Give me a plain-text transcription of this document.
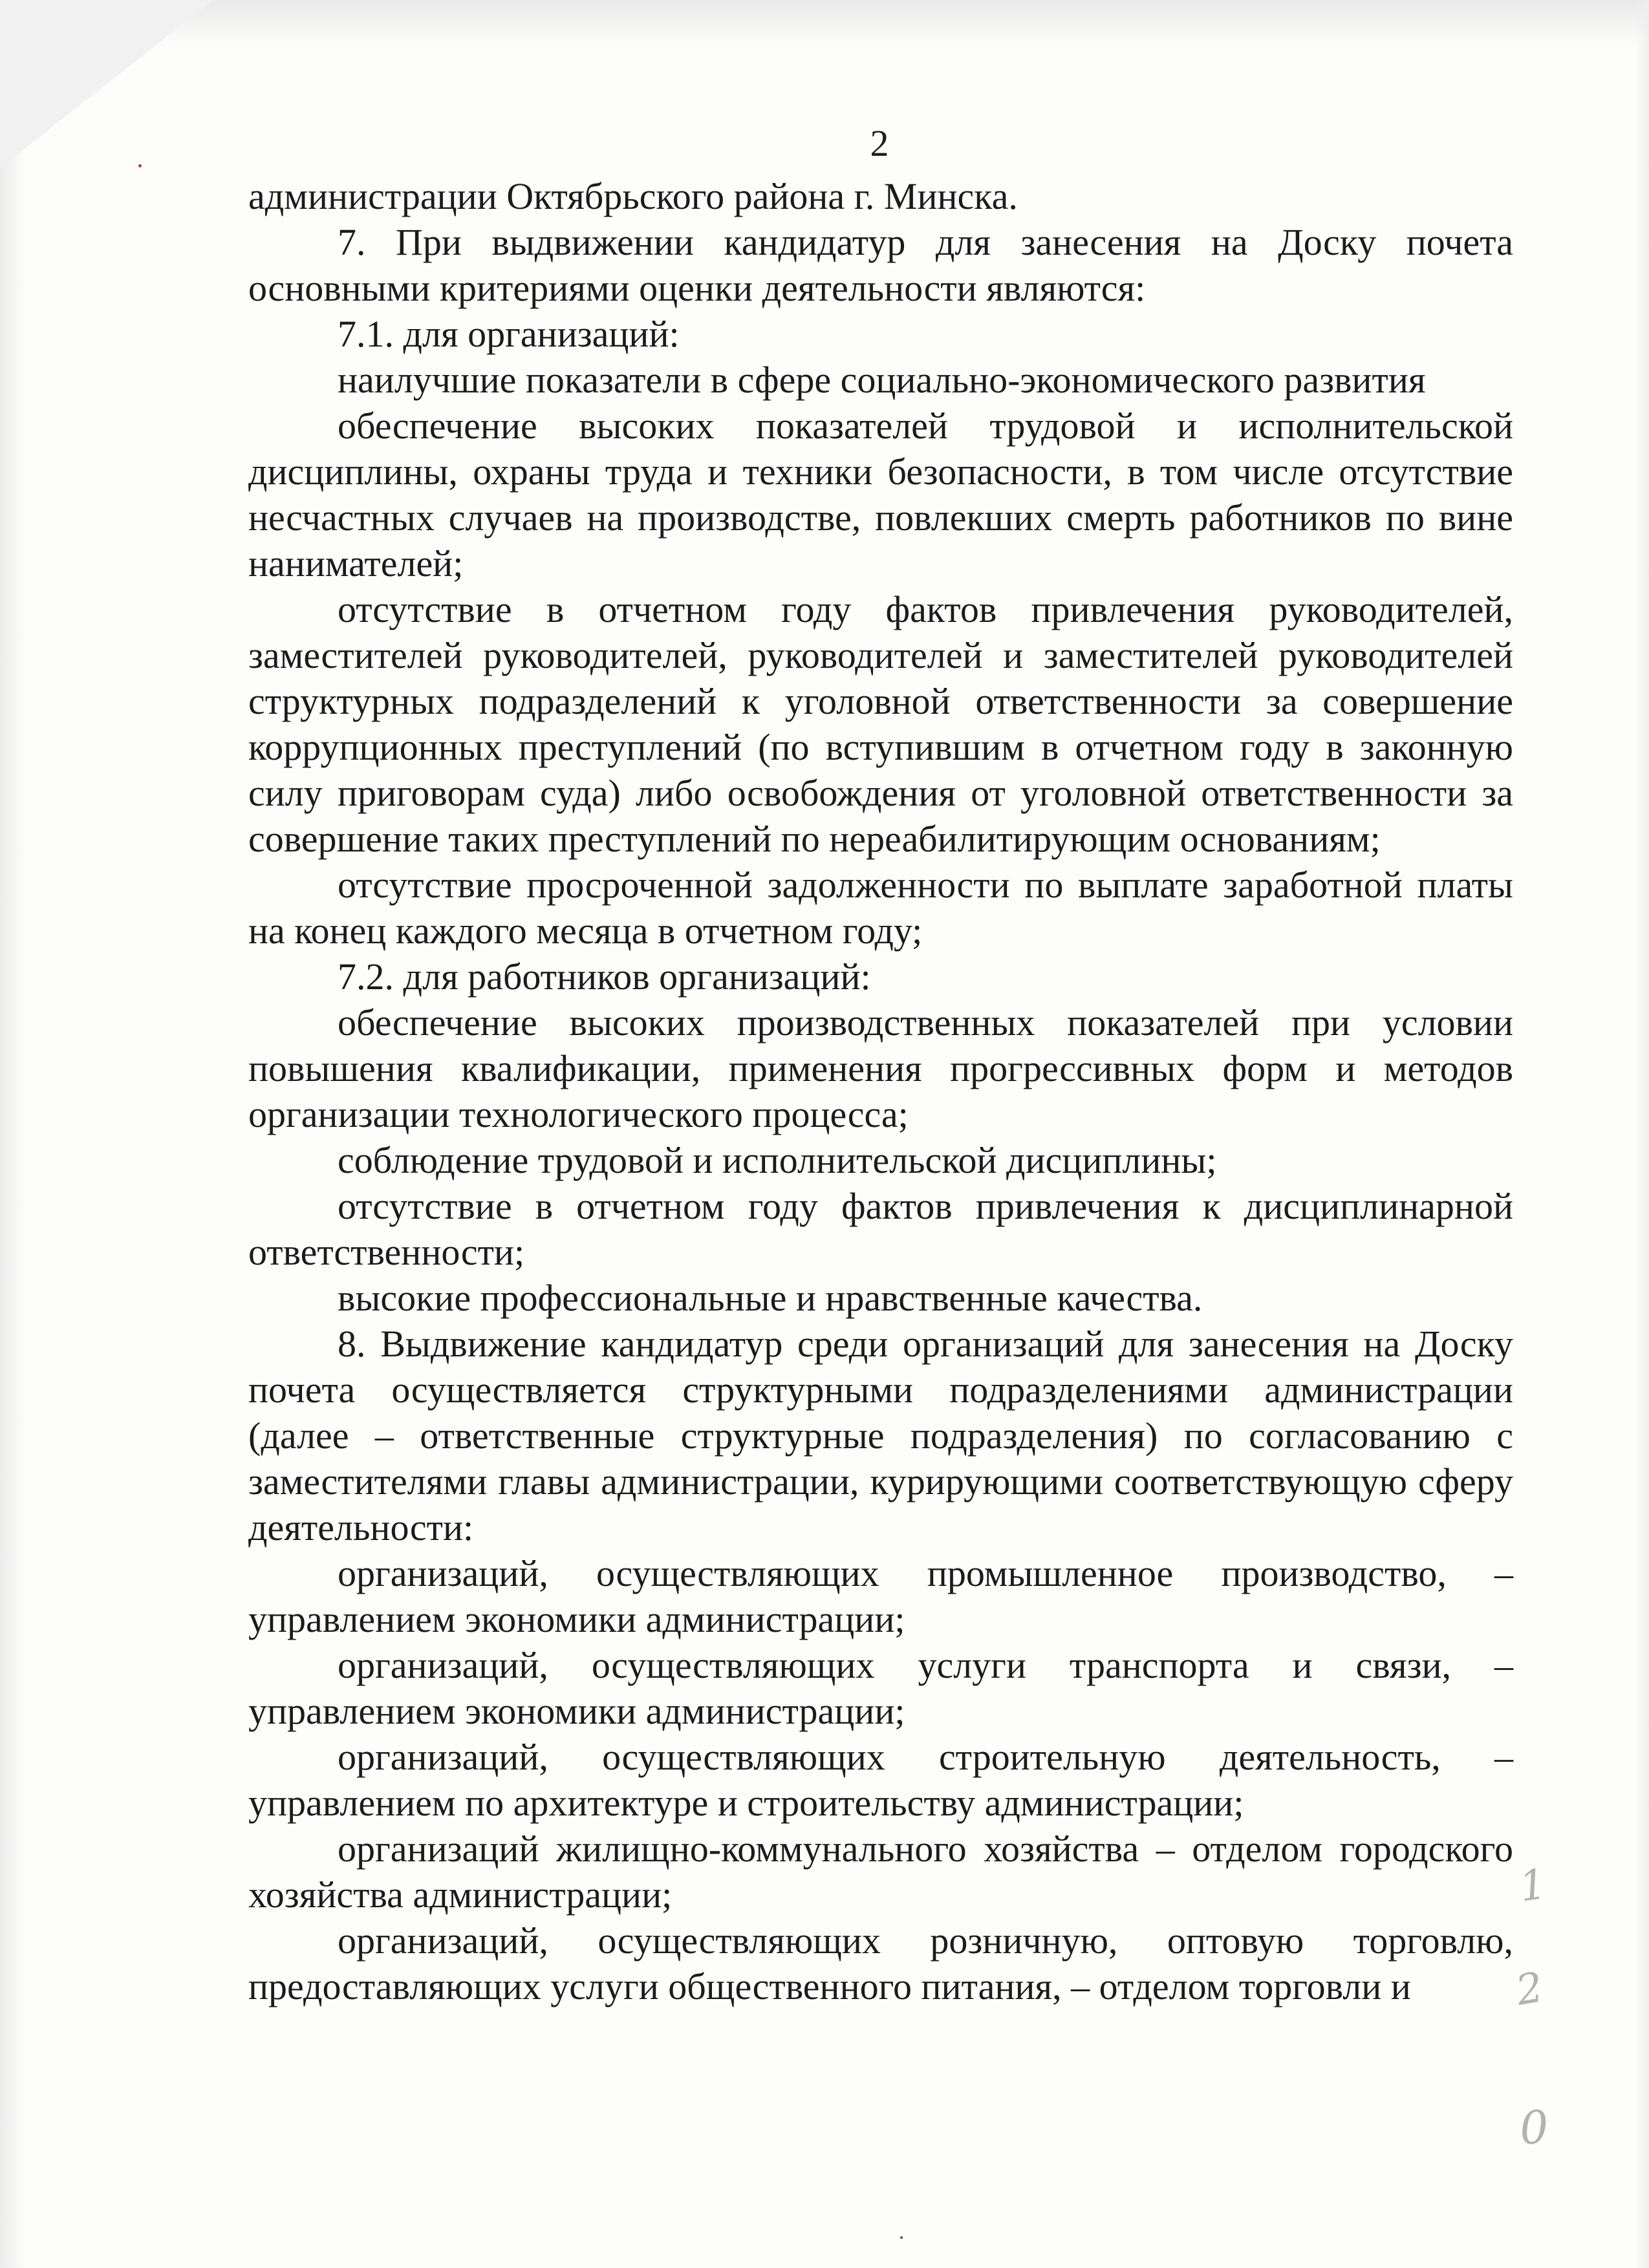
2

администрации Октябрьского района г. Минска.

7. При выдвижении кандидатур для занесения на Доску почета основными критериями оценки деятельности являются:

7.1. для организаций:

наилучшие показатели в сфере социально-экономического развития

обеспечение высоких показателей трудовой и исполнительской дисциплины, охраны труда и техники безопасности, в том числе отсутствие несчастных случаев на производстве, повлекших смерть работников по вине нанимателей;

отсутствие в отчетном году фактов привлечения руководителей, заместителей руководителей, руководителей и заместителей руководителей структурных подразделений к уголовной ответственности за совершение коррупционных преступлений (по вступившим в отчетном году в законную силу приговорам суда) либо освобождения от уголовной ответственности за совершение таких преступлений по нереабилитирующим основаниям;

отсутствие просроченной задолженности по выплате заработной платы на конец каждого месяца в отчетном году;

7.2. для работников организаций:

обеспечение высоких производственных показателей при условии повышения квалификации, применения прогрессивных форм и методов организации технологического процесса;

соблюдение трудовой и исполнительской дисциплины;

отсутствие в отчетном году фактов привлечения к дисциплинарной ответственности;

высокие профессиональные и нравственные качества.

8. Выдвижение кандидатур среди организаций для занесения на Доску почета осуществляется структурными подразделениями администрации (далее – ответственные структурные подразделения) по согласованию с заместителями главы администрации, курирующими соответствующую сферу деятельности:

организаций, осуществляющих промышленное производство, – управлением экономики администрации;

организаций, осуществляющих услуги транспорта и связи, – управлением экономики администрации;

организаций, осуществляющих строительную деятельность, – управлением по архитектуре и строительству администрации;

организаций жилищно-коммунального хозяйства – отделом городского хозяйства администрации;

организаций, осуществляющих розничную, оптовую торговлю, предоставляющих услуги общественного питания, – отделом торговли и

1
2
0
